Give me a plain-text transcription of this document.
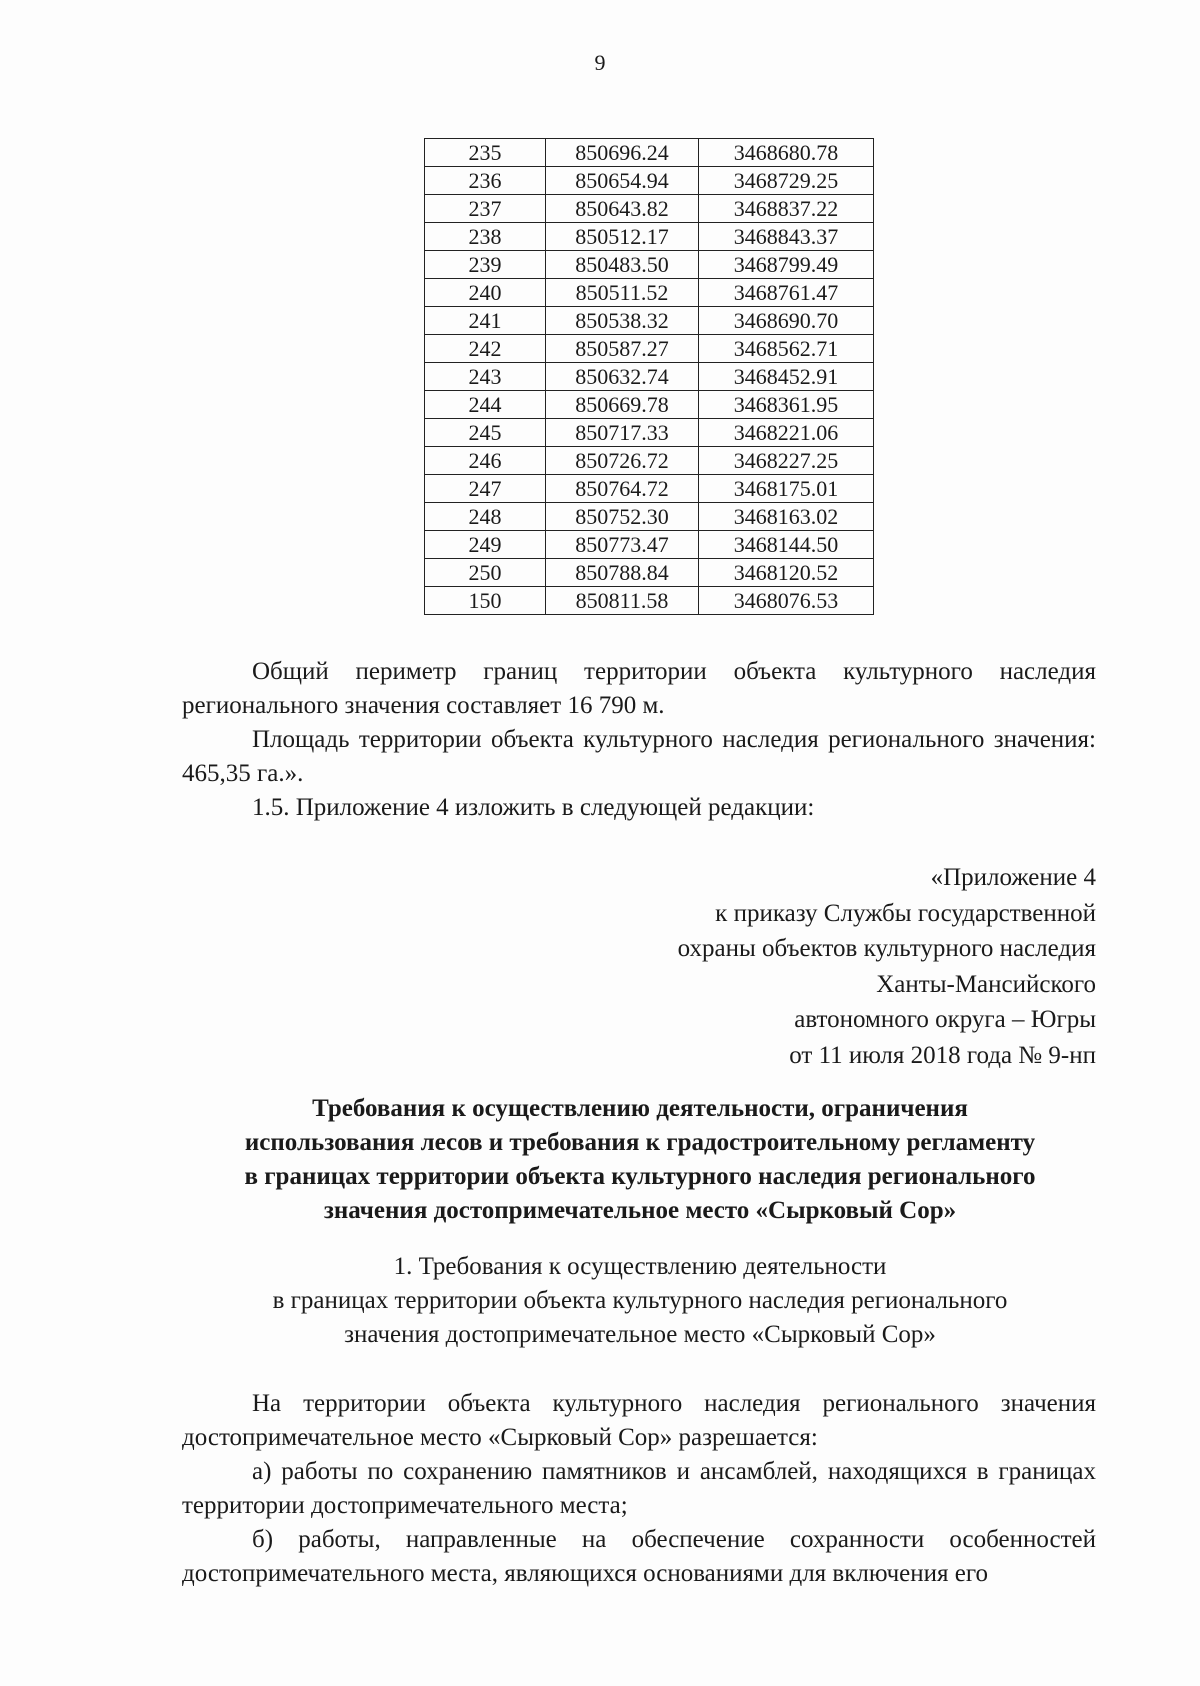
9
235	850696.24	3468680.78
236	850654.94	3468729.25
237	850643.82	3468837.22
238	850512.17	3468843.37
239	850483.50	3468799.49
240	850511.52	3468761.47
241	850538.32	3468690.70
242	850587.27	3468562.71
243	850632.74	3468452.91
244	850669.78	3468361.95
245	850717.33	3468221.06
246	850726.72	3468227.25
247	850764.72	3468175.01
248	850752.30	3468163.02
249	850773.47	3468144.50
250	850788.84	3468120.52
150	850811.58	3468076.53

Общий периметр границ территории объекта культурного наследия регионального значения составляет 16 790 м.

Площадь территории объекта культурного наследия регионального значения: 465,35 га.».

1.5. Приложение 4 изложить в следующей редакции:

«Приложение 4
к приказу Службы государственной
охраны объектов культурного наследия
Ханты-Мансийского
автономного округа – Югры
от 11 июля 2018 года № 9-нп
Требования к осуществлению деятельности, ограничения
использования лесов и требования к градостроительному регламенту
в границах территории объекта культурного наследия регионального
значения достопримечательное место «Сырковый Сор»
1. Требования к осуществлению деятельности
в границах территории объекта культурного наследия регионального
значения достопримечательное место «Сырковый Сор»

На территории объекта культурного наследия регионального значения достопримечательное место «Сырковый Сор» разрешается:

а) работы по сохранению памятников и ансамблей, находящихся в границах территории достопримечательного места;

б) работы, направленные на обеспечение сохранности особенностей достопримечательного места, являющихся основаниями для включения его
